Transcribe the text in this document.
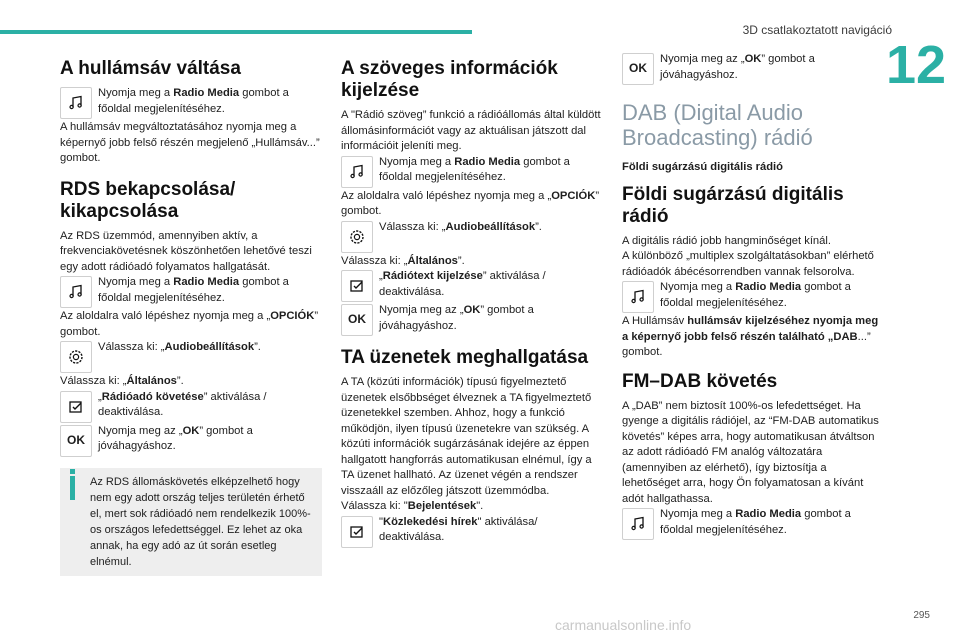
3D csatlakoztatott navigáció
12
A hullámsáv váltása
Nyomja meg a Radio Media gombot a főoldal megjelenítéséhez.

A hullámsáv megváltoztatásához nyomja meg a képernyő jobb felső részén megjelenő „Hullámsáv...” gombot.

RDS bekapcsolása/ kikapcsolása

Az RDS üzemmód, amennyiben aktív, a frekvenciakövetésnek köszönhetően lehetővé teszi egy adott rádióadó folyamatos hallgatását.

Nyomja meg a Radio Media gombot a főoldal megjelenítéséhez.

Az aloldalra való lépéshez nyomja meg a „OPCIÓK” gombot.

Válassza ki: „Audiobeállítások”.

Válassza ki: „Általános”.

„Rádióadó követése” aktiválása / deaktiválása.
OK
Nyomja meg az „OK” gombot a jóváhagyáshoz.
Az RDS állomáskövetés elképzelhető hogy nem egy adott ország teljes területén érhető el, mert sok rádióadó nem rendelkezik 100%-os országos lefedettséggel. Ez lehet az oka annak, ha egy adó az út során esetleg elnémul.
A szöveges információk kijelzése

A "Rádió szöveg” funkció a rádióállomás által küldött állomásinformációt vagy az aktuálisan játszott dal információit jeleníti meg.

Nyomja meg a Radio Media gombot a főoldal megjelenítéséhez.

Az aloldalra való lépéshez nyomja meg a „OPCIÓK” gombot.

Válassza ki: „Audiobeállítások”.

Válassza ki: „Általános”.

„Rádiótext kijelzése” aktiválása / deaktiválása.
OK
Nyomja meg az „OK” gombot a jóváhagyáshoz.
TA üzenetek meghallgatása

A TA (közúti információk) típusú figyelmeztető üzenetek elsőbbséget élveznek a TA figyelmeztető üzenetekkel szemben. Ahhoz, hogy a funkció működjön, ilyen típusú üzenetekre van szükség. A közúti információk sugárzásának idejére az éppen hallgatott hangforrás automatikusan elnémul, így a TA üzenet hallható. Az üzenet végén a rendszer visszaáll az előzőleg játszott üzemmódba.

Válassza ki: "Bejelentések".

"Közlekedési hírek" aktiválása/ deaktiválása.
OK
Nyomja meg az „OK” gombot a jóváhagyáshoz.
DAB (Digital Audio Broadcasting) rádió

Földi sugárzású digitális rádió

Földi sugárzású digitális rádió

A digitális rádió jobb hangminőséget kínál.

A különböző „multiplex szolgáltatásokban” elérhető rádióadók ábécésorrendben vannak felsorolva.

Nyomja meg a Radio Media gombot a főoldal megjelenítéséhez.

A Hullámsáv hullámsáv kijelzéséhez nyomja meg a képernyő jobb felső részén található „DAB...” gombot.

FM–DAB követés

A „DAB” nem biztosít 100%-os lefedettséget. Ha gyenge a digitális rádiójel, az “FM-DAB automatikus követés” képes arra, hogy automatikusan átváltson az adott rádióadó FM analóg változatára (amennyiben az elérhető), így biztosítja a lehetőséget arra, hogy Ön folyamatosan a kívánt adót hallgathassa.

Nyomja meg a Radio Media gombot a főoldal megjelenítéséhez.
carmanualsonline.info
295
